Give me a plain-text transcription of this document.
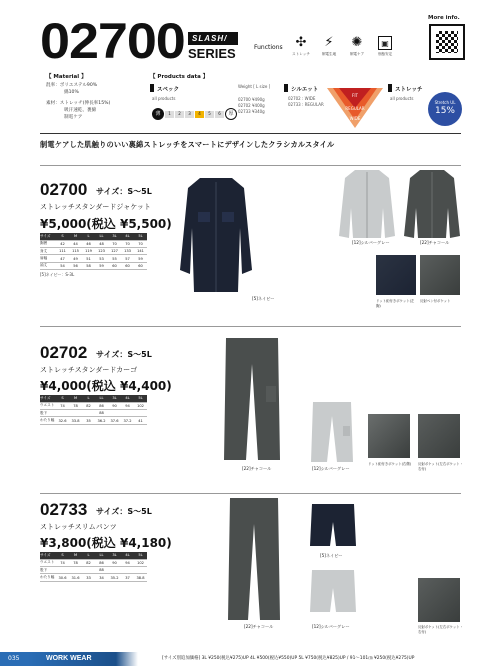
02700 SLASH/
SERIES	Functions ✣
ストレッチ
⚡
制電生地
✺
制電ケア
▣
形態安定
More info.
【 Material 】
混率：ポリエステル90%
綿10%
素材：ストレッチ(伸長率15%)
吸汗速乾、裏綿
制電ケア
【 Products data 】
スペック
all products
薄	1	2	3	4	5	6	厚
Weight [ L size ]
02700 ¥490g
02702 ¥400g
02733 ¥340g
シルエット
02702 : WIDE
02733 : REGULAR
FIT
REGULAR
WIDE
ストレッチ
all products
Stretch UL
15%
制電ケアした肌触りのいい裏綿ストレッチをスマートにデザインしたクラシカルスタイル
02700 サイズ：S〜5L
ストレッチスタンダードジャケット
¥5,000(税込 ¥5,500)
サイズ	S	M	L	LL	3L	4L	5L
胸囲	42	44	46	48	70	70	70
身丈	111	115	119	123	127	133	141
肩幅	47	49	51	53	55	57	59
袖丈	54	56	58	59	60	60	60
[5]ネイビー：S-3L
[5]ネイビー
[12]シルバーグレー	[22]チャコール
ドット釦付きポケット(左胸)
反射ペン付ポケット
02702 サイズ：S〜5L
ストレッチスタンダードカーゴ
¥4,000(税込 ¥4,400)
サイズ	S	M	L	LL	3L	4L	5L
ウエスト	74	78	82	86	90	94	102
股下				88			
わたり幅	32.6	33.8	35	36.2	37.6	37.2	41
[22]チャコール	[12]シルバーグレー
ドット釦付きポケット(右側)	反射ポケット(左右ポケット・右付)
02733 サイズ：S〜5L
ストレッチスリムパンツ
¥3,800(税込 ¥4,180)
サイズ	S	M	L	LL	3L	4L	5L
ウエスト	74	78	82	86	90	94	102
股下				88			
わたり幅	30.6	31.6	33	34	35.2	37	38.8
[22]チャコール
[5]ネイビー
[12]シルバーグレー	反射ポケット(左右ポケット・右付)
035	WORK WEAR	[サイズ別追加価格] 3L ¥250(税込¥275)UP 4L ¥500(税込¥550)UP 5L ¥750(税込¥825)UP / 91〜101㎝ ¥250(税込¥275)UP
